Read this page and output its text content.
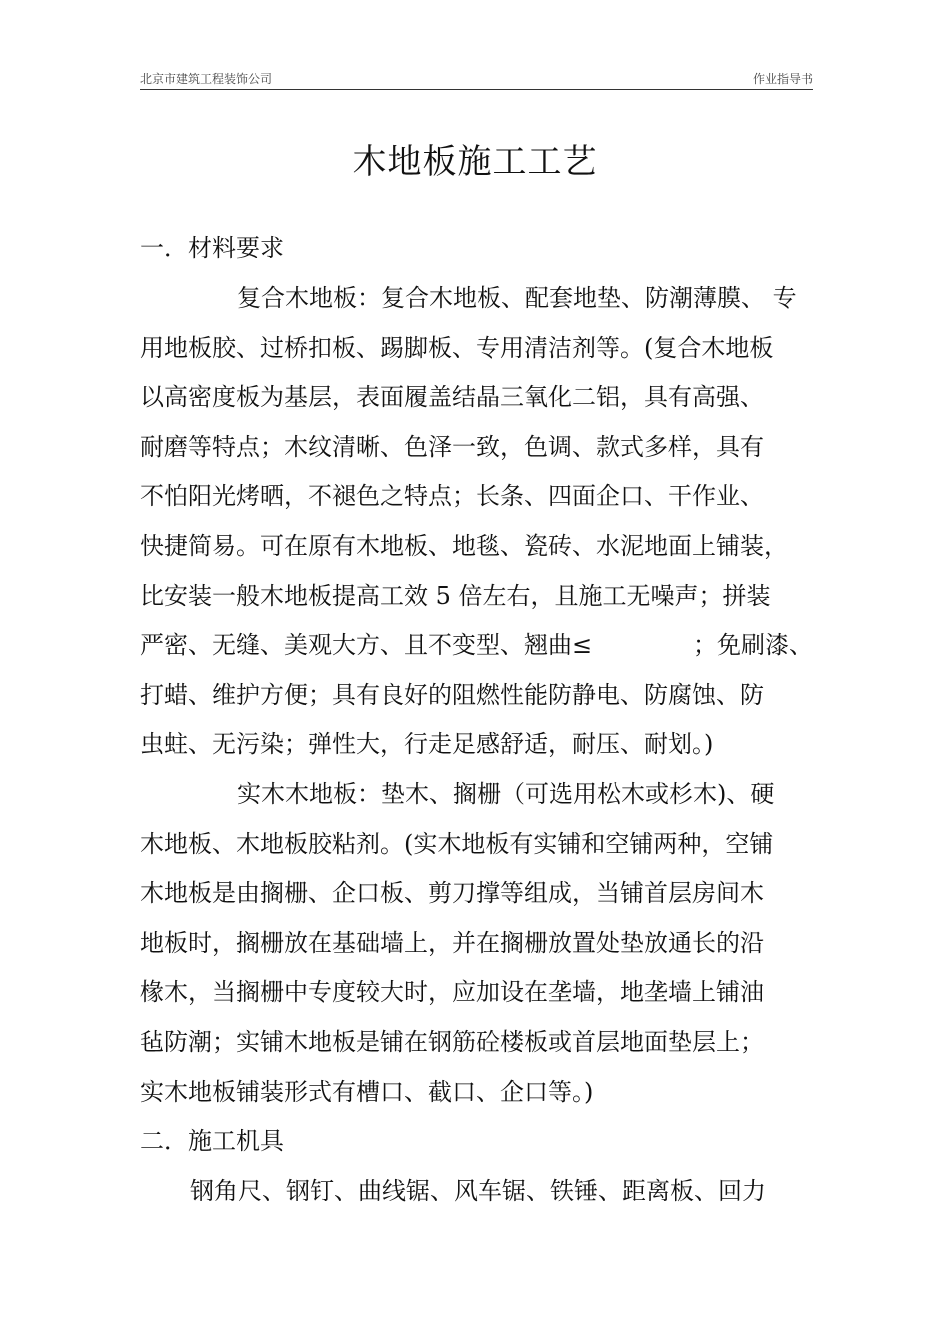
北京市建筑工程装饰公司	作业指导书
木地板施工工艺
一．材料要求
复合木地板：复合木地板、配套地垫、防潮薄膜、 专
用地板胶、过桥扣板、踢脚板、专用清洁剂等。(复合木地板
以高密度板为基层，表面履盖结晶三氧化二铝，具有高强、
耐磨等特点；木纹清晰、色泽一致，色调、款式多样，具有
不怕阳光烤晒，不褪色之特点；长条、四面企口、干作业、
快捷简易。可在原有木地板、地毯、瓷砖、水泥地面上铺装，
比安装一般木地板提高工效 5 倍左右，且施工无噪声；拼装
严密、无缝、美观大方、且不变型、翘曲≤	；免刷漆、
打蜡、维护方便；具有良好的阻燃性能防静电、防腐蚀、防
虫蛀、无污染；弹性大，行走足感舒适，耐压、耐划。)
实木木地板：垫木、搁栅（可选用松木或杉木)、硬
木地板、木地板胶粘剂。(实木地板有实铺和空铺两种，空铺
木地板是由搁栅、企口板、剪刀撑等组成，当铺首层房间木
地板时，搁栅放在基础墙上，并在搁栅放置处垫放通长的沿
椽木，当搁栅中专度较大时，应加设在垄墙，地垄墙上铺油
毡防潮；实铺木地板是铺在钢筋砼楼板或首层地面垫层上；
实木地板铺装形式有槽口、截口、企口等。)
二．施工机具
钢角尺、钢钉、曲线锯、风车锯、铁锤、距离板、回力
